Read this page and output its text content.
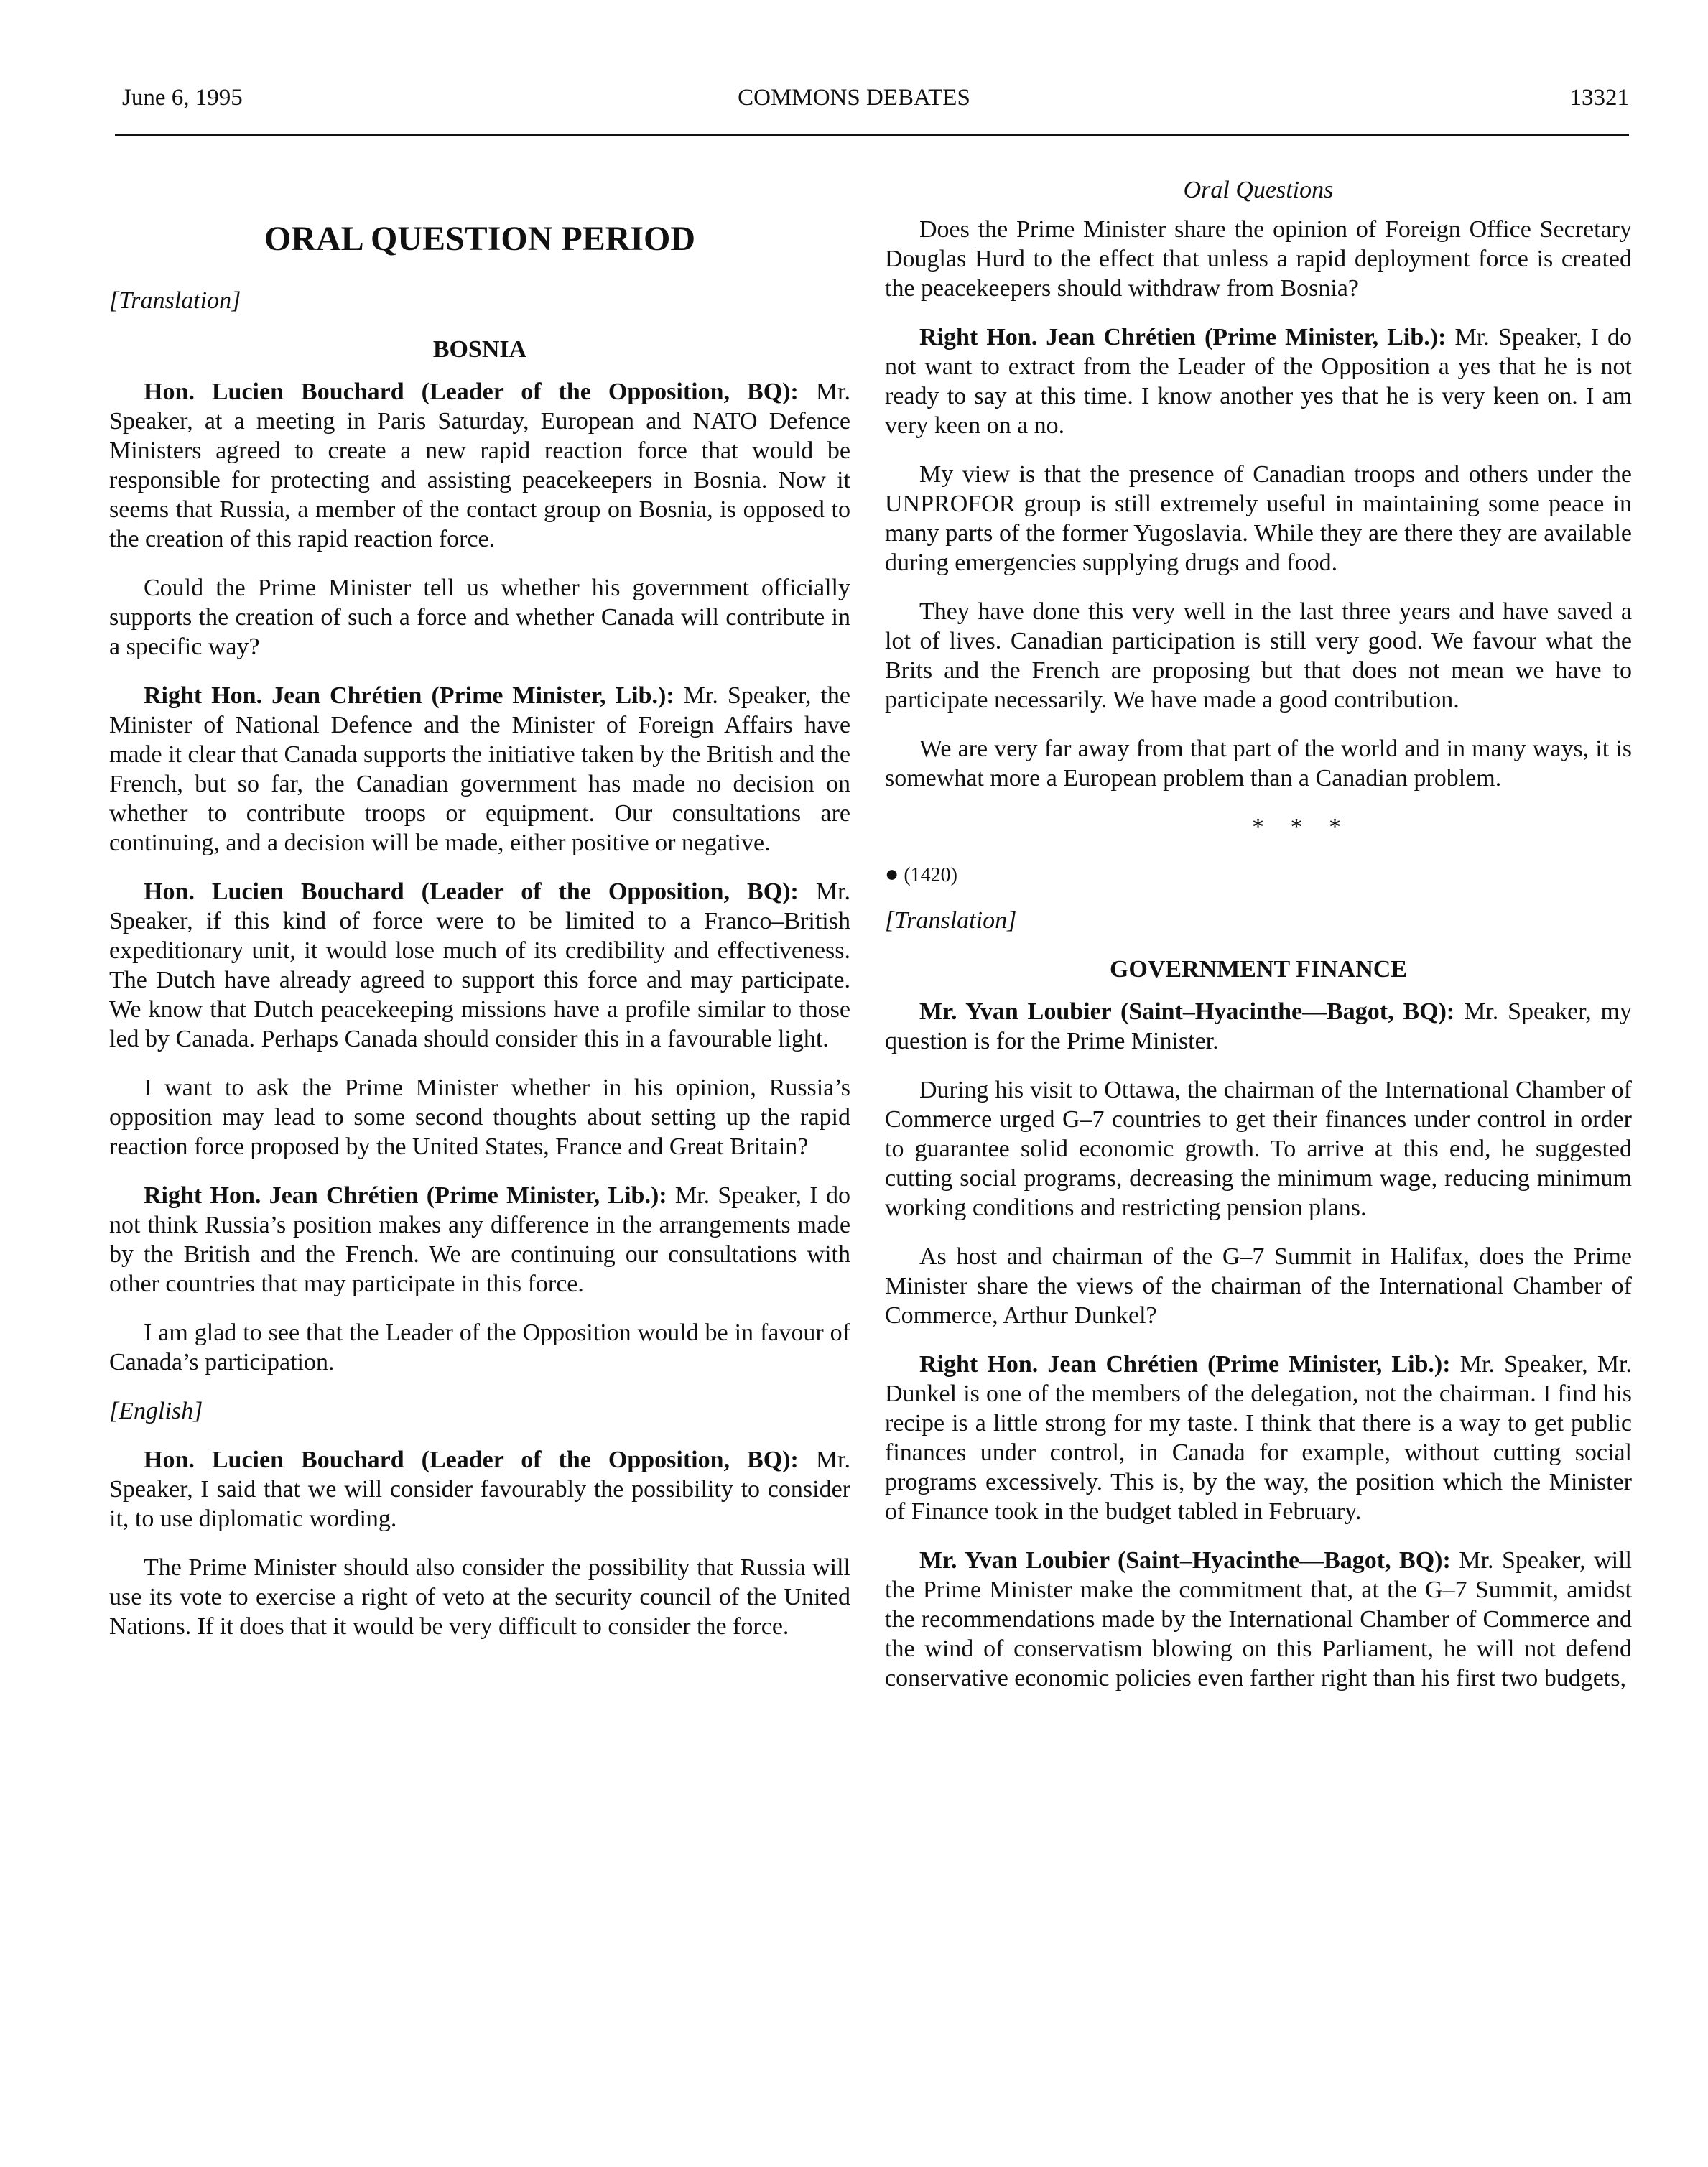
June 6, 1995	COMMONS DEBATES	13321
ORAL QUESTION PERIOD
[Translation]
BOSNIA

Hon. Lucien Bouchard (Leader of the Opposition, BQ): Mr. Speaker, at a meeting in Paris Saturday, European and NATO Defence Ministers agreed to create a new rapid reaction force that would be responsible for protecting and assisting peacekeepers in Bosnia. Now it seems that Russia, a member of the contact group on Bosnia, is opposed to the creation of this rapid reaction force.

Could the Prime Minister tell us whether his government officially supports the creation of such a force and whether Canada will contribute in a specific way?

Right Hon. Jean Chrétien (Prime Minister, Lib.): Mr. Speaker, the Minister of National Defence and the Minister of Foreign Affairs have made it clear that Canada supports the initiative taken by the British and the French, but so far, the Canadian government has made no decision on whether to contribute troops or equipment. Our consultations are continuing, and a decision will be made, either positive or negative.

Hon. Lucien Bouchard (Leader of the Opposition, BQ): Mr. Speaker, if this kind of force were to be limited to a Franco–British expeditionary unit, it would lose much of its credibility and effectiveness. The Dutch have already agreed to support this force and may participate. We know that Dutch peacekeeping missions have a profile similar to those led by Canada. Perhaps Canada should consider this in a favourable light.

I want to ask the Prime Minister whether in his opinion, Russia’s opposition may lead to some second thoughts about setting up the rapid reaction force proposed by the United States, France and Great Britain?

Right Hon. Jean Chrétien (Prime Minister, Lib.): Mr. Speaker, I do not think Russia’s position makes any difference in the arrangements made by the British and the French. We are continuing our consultations with other countries that may participate in this force.

I am glad to see that the Leader of the Opposition would be in favour of Canada’s participation.

[English]

Hon. Lucien Bouchard (Leader of the Opposition, BQ): Mr. Speaker, I said that we will consider favourably the possibility to consider it, to use diplomatic wording.

The Prime Minister should also consider the possibility that Russia will use its vote to exercise a right of veto at the security council of the United Nations. If it does that it would be very difficult to consider the force.

Oral Questions

Does the Prime Minister share the opinion of Foreign Office Secretary Douglas Hurd to the effect that unless a rapid deployment force is created the peacekeepers should withdraw from Bosnia?

Right Hon. Jean Chrétien (Prime Minister, Lib.): Mr. Speaker, I do not want to extract from the Leader of the Opposition a yes that he is not ready to say at this time. I know another yes that he is very keen on. I am very keen on a no.

My view is that the presence of Canadian troops and others under the UNPROFOR group is still extremely useful in maintaining some peace in many parts of the former Yugoslavia. While they are there they are available during emergencies supplying drugs and food.

They have done this very well in the last three years and have saved a lot of lives. Canadian participation is still very good. We favour what the Brits and the French are proposing but that does not mean we have to participate necessarily. We have made a good contribution.

We are very far away from that part of the world and in many ways, it is somewhat more a European problem than a Canadian problem.

* * *
● (1420)
[Translation]
GOVERNMENT FINANCE

Mr. Yvan Loubier (Saint–Hyacinthe—Bagot, BQ): Mr. Speaker, my question is for the Prime Minister.

During his visit to Ottawa, the chairman of the International Chamber of Commerce urged G–7 countries to get their finances under control in order to guarantee solid economic growth. To arrive at this end, he suggested cutting social programs, decreasing the minimum wage, reducing minimum working conditions and restricting pension plans.

As host and chairman of the G–7 Summit in Halifax, does the Prime Minister share the views of the chairman of the International Chamber of Commerce, Arthur Dunkel?

Right Hon. Jean Chrétien (Prime Minister, Lib.): Mr. Speaker, Mr. Dunkel is one of the members of the delegation, not the chairman. I find his recipe is a little strong for my taste. I think that there is a way to get public finances under control, in Canada for example, without cutting social programs excessively. This is, by the way, the position which the Minister of Finance took in the budget tabled in February.

Mr. Yvan Loubier (Saint–Hyacinthe—Bagot, BQ): Mr. Speaker, will the Prime Minister make the commitment that, at the G–7 Summit, amidst the recommendations made by the International Chamber of Commerce and the wind of conservatism blowing on this Parliament, he will not defend conservative economic policies even farther right than his first two budgets,
